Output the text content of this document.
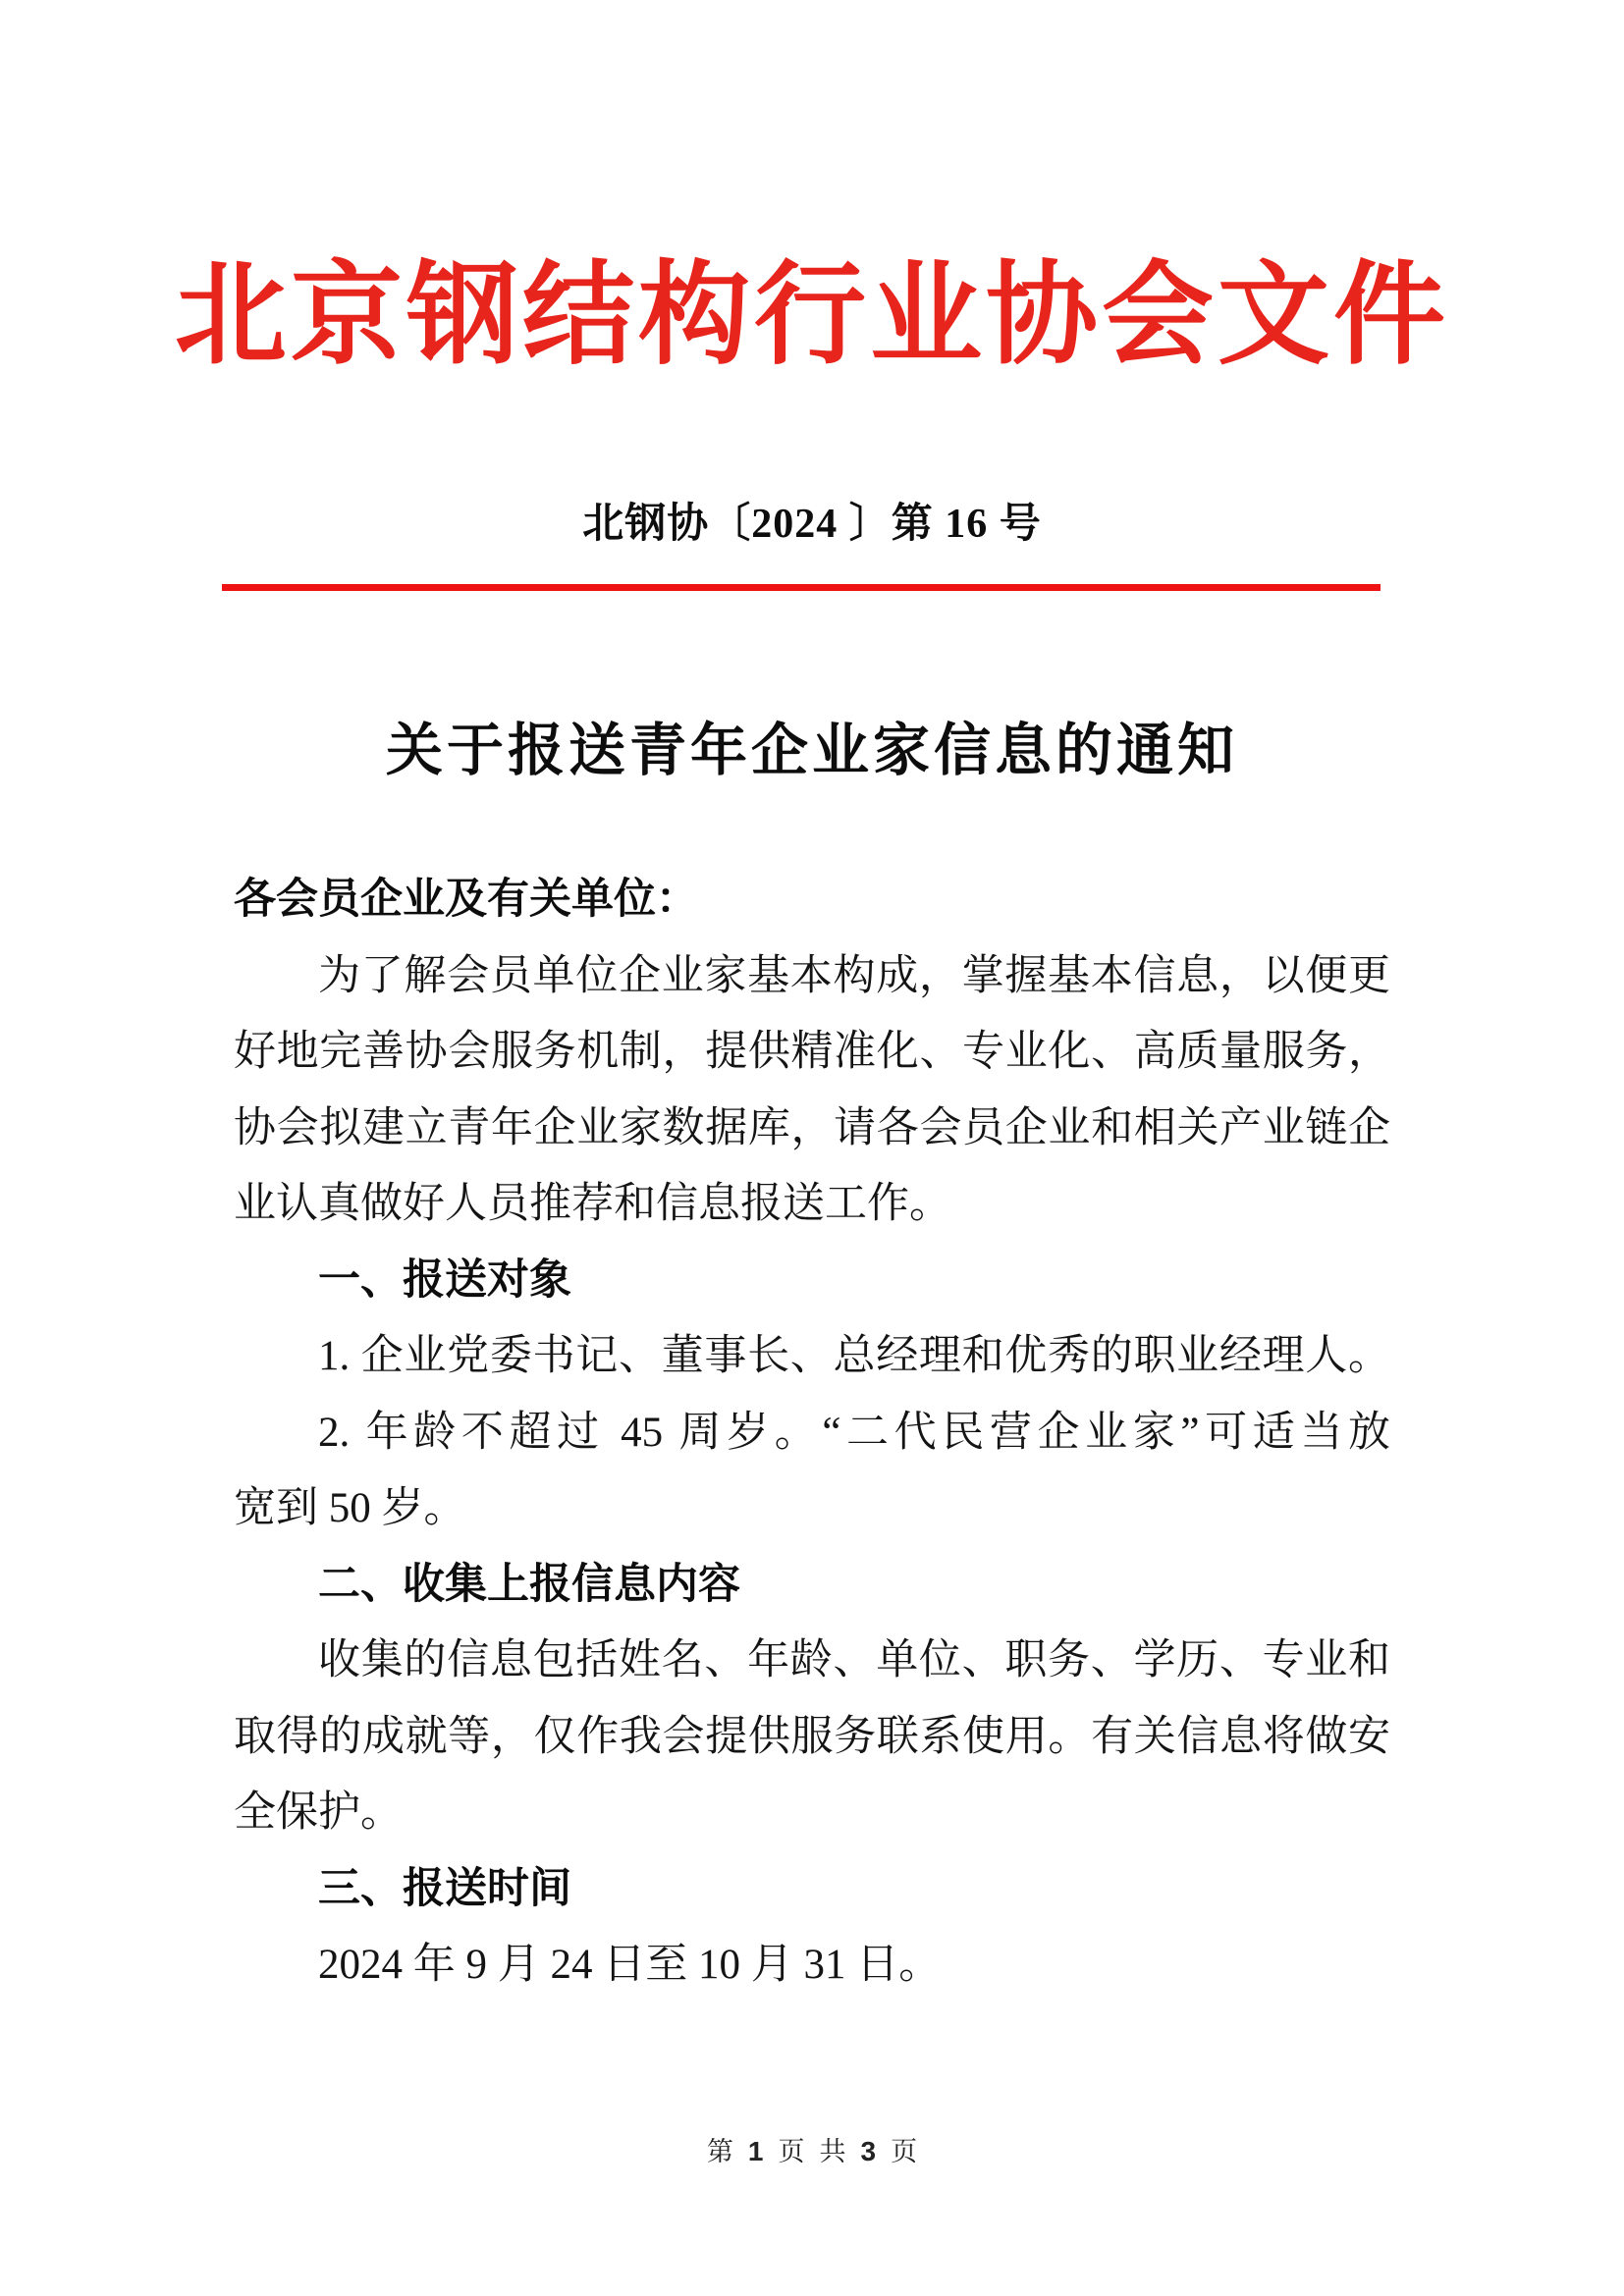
北京钢结构行业协会文件
北钢协〔2024 〕第 16 号
关于报送青年企业家信息的通知
各会员企业及有关单位：
为了解会员单位企业家基本构成，掌握基本信息，以便更
好地完善协会服务机制，提供精准化、专业化、高质量服务，
协会拟建立青年企业家数据库，请各会员企业和相关产业链企
业认真做好人员推荐和信息报送工作。
一、报送对象
1. 企业党委书记、董事长、总经理和优秀的职业经理人。
2. 年龄不超过 45 周岁。“二代民营企业家”可适当放
宽到 50 岁。
二、收集上报信息内容
收集的信息包括姓名、年龄、单位、职务、学历、专业和
取得的成就等，仅作我会提供服务联系使用。有关信息将做安
全保护。
三、报送时间
2024 年 9 月 24 日至 10 月 31 日。
第 1 页 共 3 页
